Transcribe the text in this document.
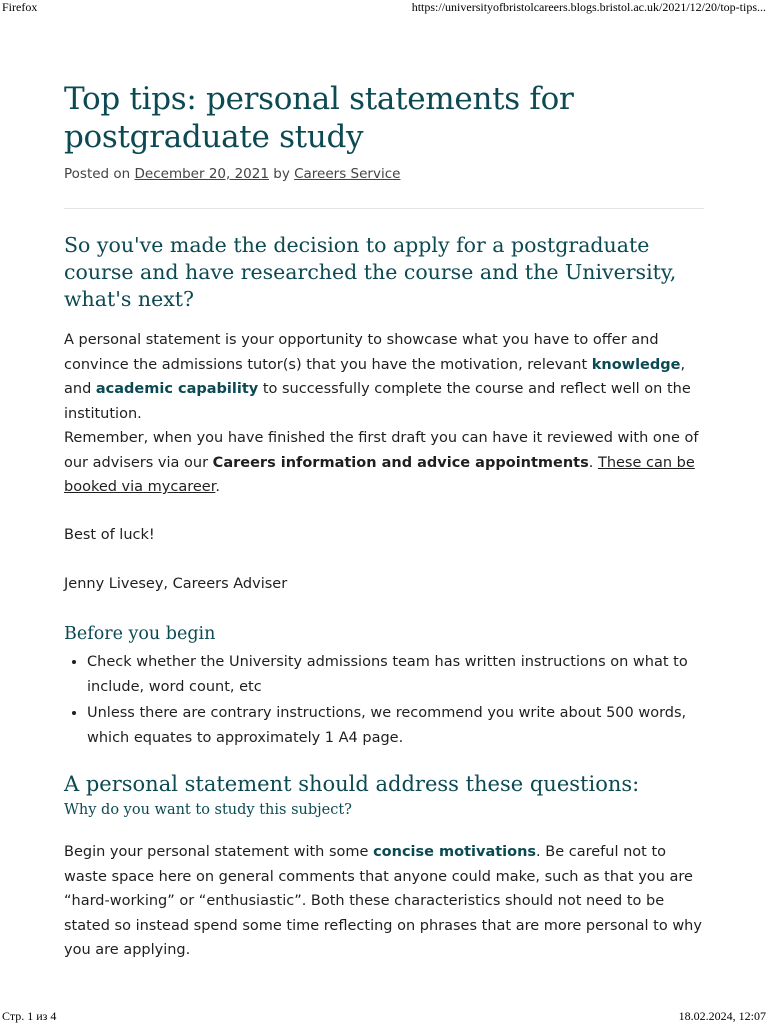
Firefox	https://universityofbristolcareers.blogs.bristol.ac.uk/2021/12/20/top-tips...
Top tips: personal statements for postgraduate study
Posted on December 20, 2021 by Careers Service
So you've made the decision to apply for a postgraduate course and have researched the course and the University, what's next?

A personal statement is your opportunity to showcase what you have to offer and convince the admissions tutor(s) that you have the motivation, relevant knowledge, and academic capability to successfully complete the course and reflect well on the institution.

Remember, when you have finished the first draft you can have it reviewed with one of our advisers via our Careers information and advice appointments. These can be booked via mycareer.

Best of luck!

Jenny Livesey, Careers Adviser

Before you begin
• Check whether the University admissions team has written instructions on what to include, word count, etc
• Unless there are contrary instructions, we recommend you write about 500 words, which equates to approximately 1 A4 page.
A personal statement should address these questions:
Why do you want to study this subject?

Begin your personal statement with some concise motivations. Be careful not to waste space here on general comments that anyone could make, such as that you are “hard-working” or “enthusiastic”. Both these characteristics should not need to be stated so instead spend some time reflecting on phrases that are more personal to why you are applying.

Стр. 1 из 4	18.02.2024, 12:07
